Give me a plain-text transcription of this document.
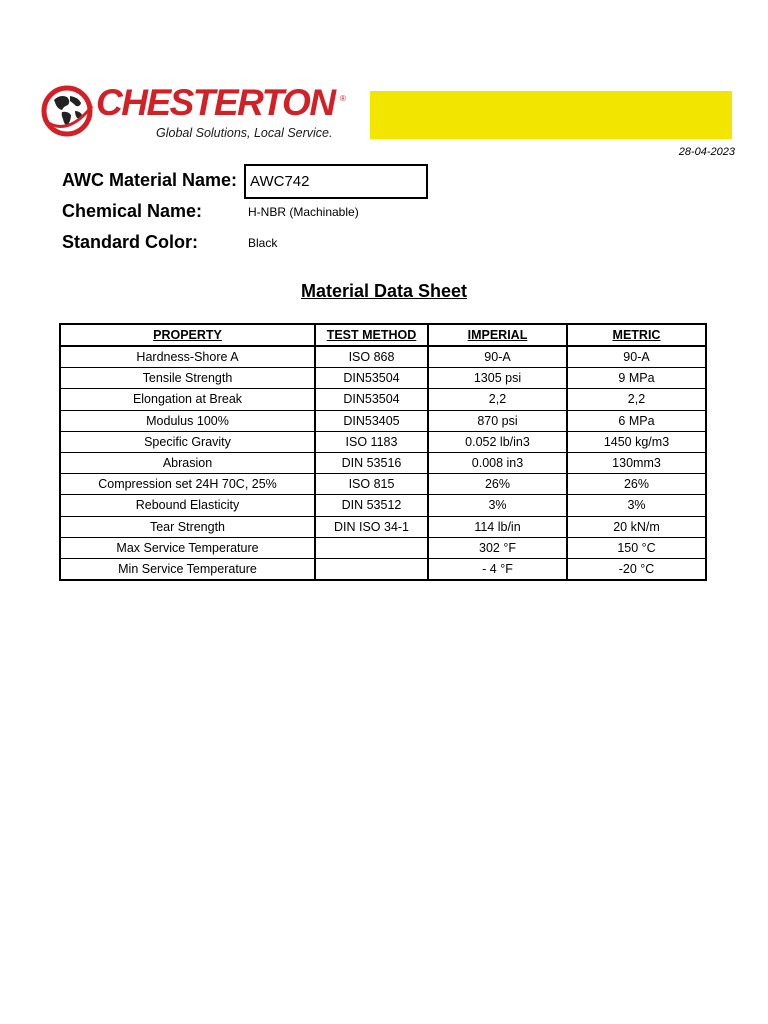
CHESTERTON ®
Global Solutions, Local Service.
28-04-2023
AWC Material Name: AWC742
Chemical Name:	H-NBR (Machinable)
Standard Color:	Black
Material Data Sheet
PROPERTY	TEST METHOD	IMPERIAL	METRIC
Hardness-Shore A	ISO 868	90-A	90-A
Tensile Strength	DIN53504	1305 psi	9 MPa
Elongation at Break	DIN53504	2,2	2,2
Modulus 100%	DIN53405	870 psi	6 MPa
Specific Gravity	ISO 1183	0.052 lb/in3	1450 kg/m3
Abrasion	DIN 53516	0.008 in3	130mm3
Compression set 24H 70C, 25%	ISO 815	26%	26%
Rebound Elasticity	DIN 53512	3%	3%
Tear Strength	DIN ISO 34-1	114 lb/in	20 kN/m
Max Service Temperature		302 °F	150 °C
Min Service Temperature		- 4 °F	-20 °C
